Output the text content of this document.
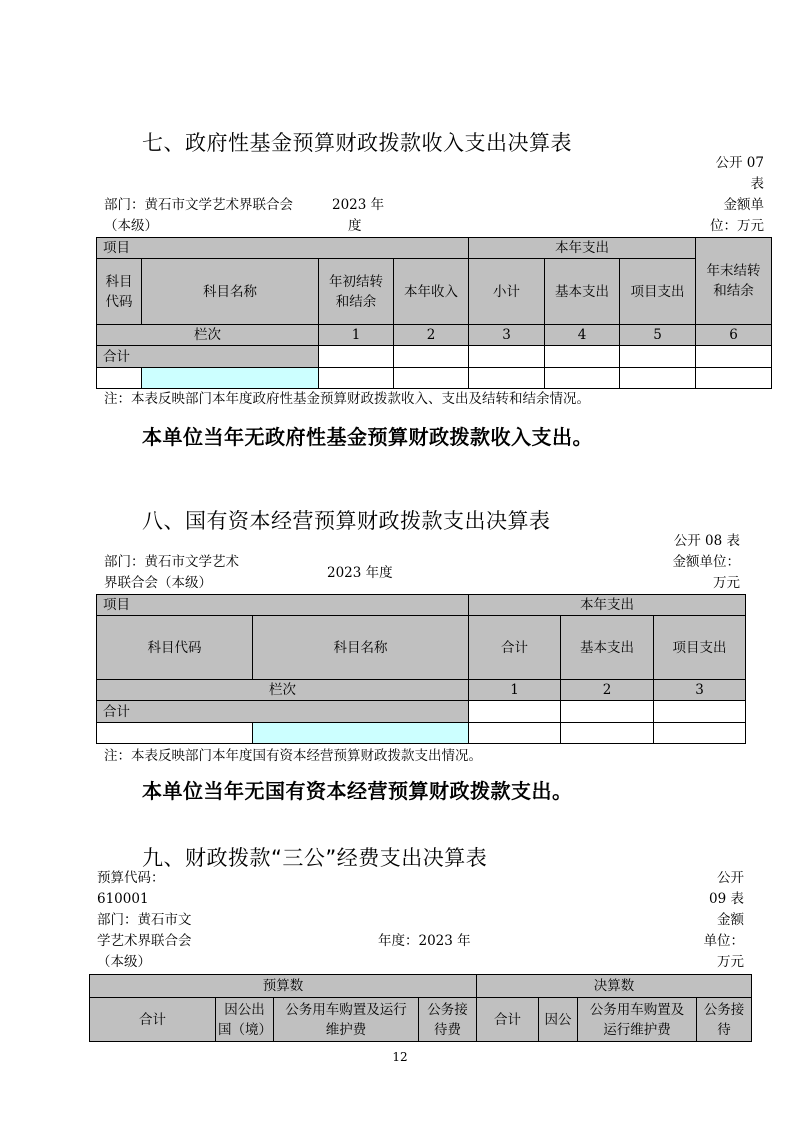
七、政府性基金预算财政拨款收入支出决算表
公开 07
表
部门：黄石市文学艺术界联合会
（本级）
2023 年
度
金额单
位：万元
项目				本年支出			年末结转和结余
科目代码	科目名称	年初结转和结余	本年收入	小计	基本支出	项目支出	

栏次		1	2	3	4	5	6
合计							

注：本表反映部门本年度政府性基金预算财政拨款收入、支出及结转和结余情况。
本单位当年无政府性基金预算财政拨款收入支出。
八、国有资本经营预算财政拨款支出决算表
公开 08 表
部门：黄石市文学艺术
界联合会（本级）
2023 年度
金额单位：
万元
项目		本年支出		
科目代码	科目名称	合计	基本支出	项目支出
栏次		1	2	3
合计				

注：本表反映部门本年度国有资本经营预算财政拨款支出情况。
本单位当年无国有资本经营预算财政拨款支出。
九、财政拨款“三公”经费支出决算表
预算代码：
610001
部门：黄石市文
学艺术界联合会
（本级）
年度：2023 年
公开
09 表
金额
单位：
万元
预算数				决算数			
合计	因公出国（境）	公务用车购置及运行维护费	公务接待费	合计	因公	公务用车购置及运行维护费	公务接待
12
